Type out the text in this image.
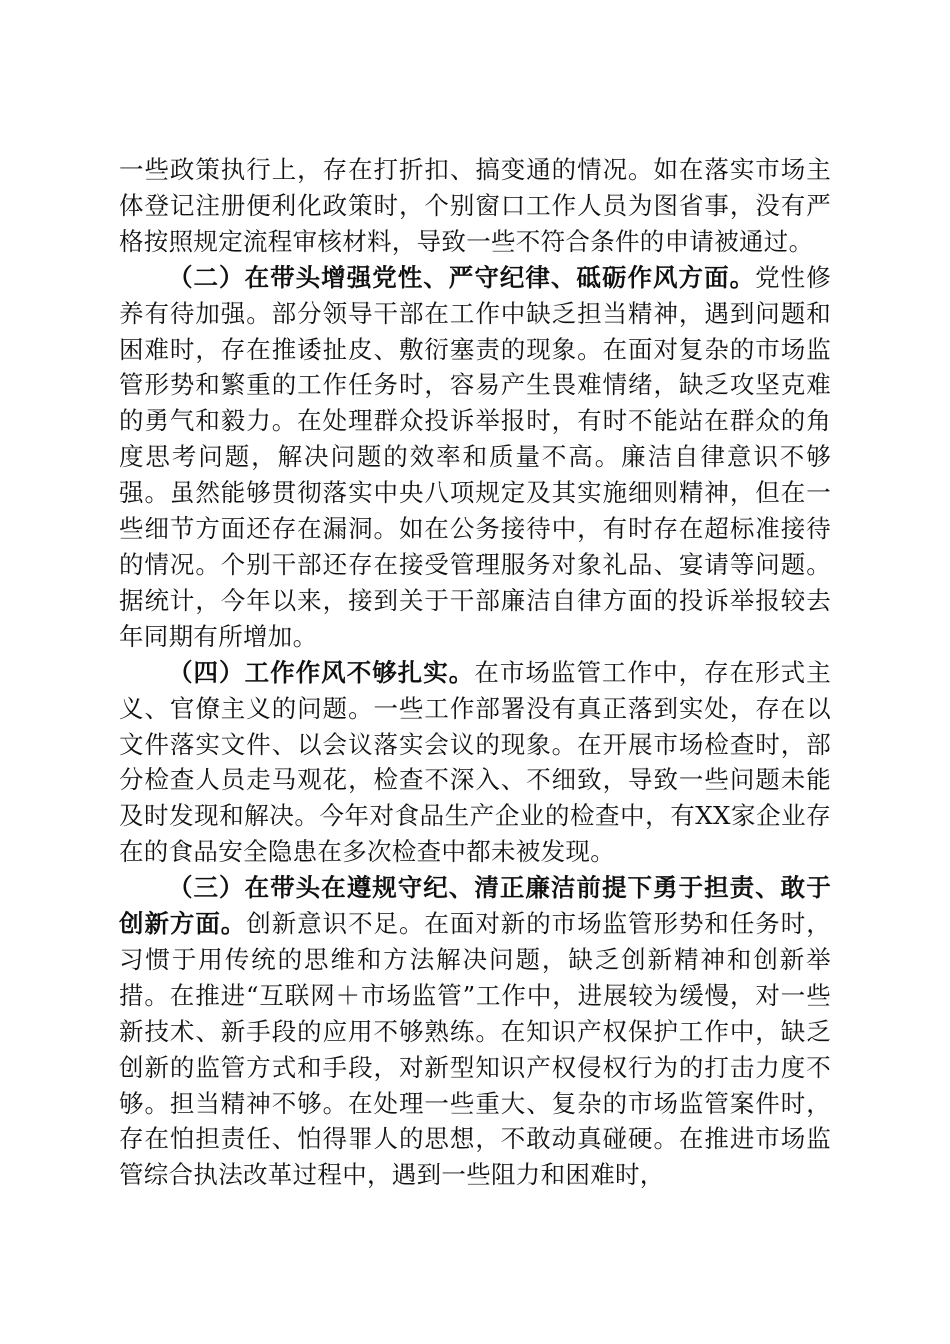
一些政策执行上，存在打折扣、搞变通的情况。如在落实市场主体登记注册便利化政策时，个别窗口工作人员为图省事，没有严格按照规定流程审核材料，导致一些不符合条件的申请被通过。

（二）在带头增强党性、严守纪律、砥砺作风方面。党性修养有待加强。部分领导干部在工作中缺乏担当精神，遇到问题和困难时，存在推诿扯皮、敷衍塞责的现象。在面对复杂的市场监管形势和繁重的工作任务时，容易产生畏难情绪，缺乏攻坚克难的勇气和毅力。在处理群众投诉举报时，有时不能站在群众的角度思考问题，解决问题的效率和质量不高。廉洁自律意识不够强。虽然能够贯彻落实中央八项规定及其实施细则精神，但在一些细节方面还存在漏洞。如在公务接待中，有时存在超标准接待的情况。个别干部还存在接受管理服务对象礼品、宴请等问题。据统计，今年以来，接到关于干部廉洁自律方面的投诉举报较去年同期有所增加。

（四）工作作风不够扎实。在市场监管工作中，存在形式主义、官僚主义的问题。一些工作部署没有真正落到实处，存在以文件落实文件、以会议落实会议的现象。在开展市场检查时，部分检查人员走马观花，检查不深入、不细致，导致一些问题未能及时发现和解决。今年对食品生产企业的检查中，有XX家企业存在的食品安全隐患在多次检查中都未被发现。

（三）在带头在遵规守纪、清正廉洁前提下勇于担责、敢于创新方面。创新意识不足。在面对新的市场监管形势和任务时，习惯于用传统的思维和方法解决问题，缺乏创新精神和创新举措。在推进“互联网＋市场监管”工作中，进展较为缓慢，对一些新技术、新手段的应用不够熟练。在知识产权保护工作中，缺乏创新的监管方式和手段，对新型知识产权侵权行为的打击力度不够。担当精神不够。在处理一些重大、复杂的市场监管案件时，存在怕担责任、怕得罪人的思想，不敢动真碰硬。在推进市场监管综合执法改革过程中，遇到一些阻力和困难时，
